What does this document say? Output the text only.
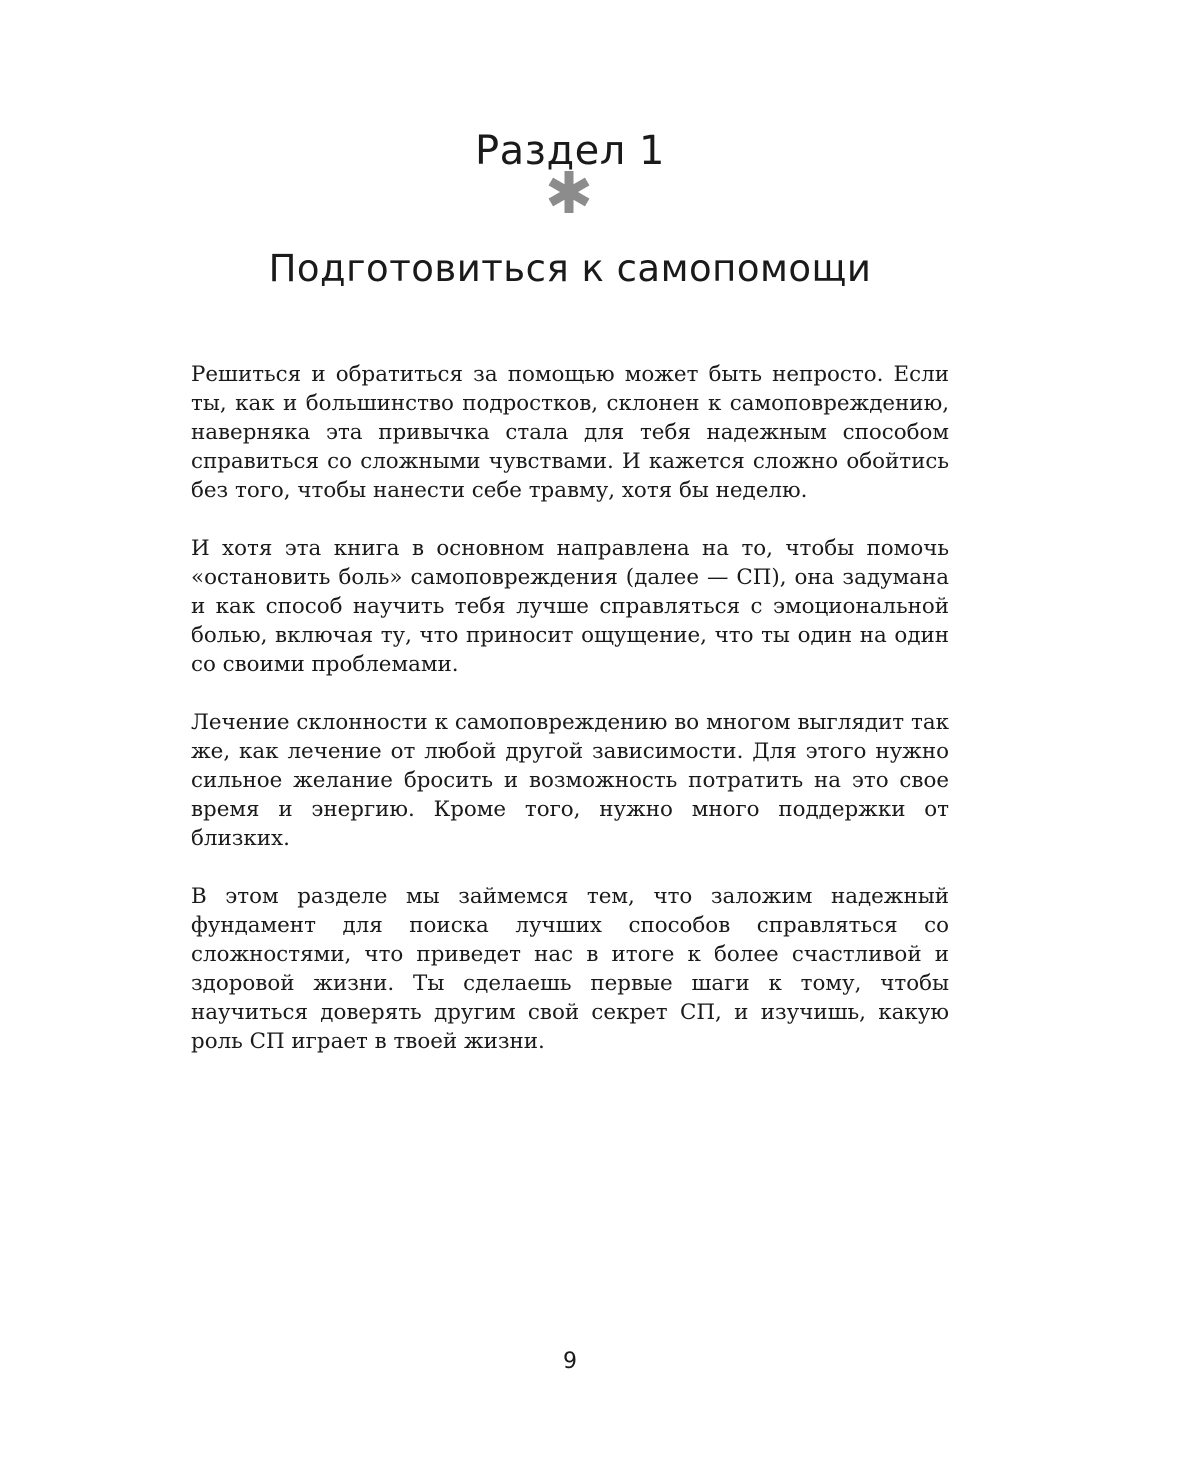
Раздел 1
Подготовиться к самопомощи

Решиться и обратиться за помощью может быть непросто. Если ты, как и большинство подростков, склонен к самоповреждению, наверняка эта привычка стала для тебя надежным способом справиться со сложными чувствами. И кажется сложно обойтись без того, чтобы нанести себе травму, хотя бы неделю.

И хотя эта книга в основном направлена на то, чтобы помочь «остановить боль» самоповреждения (далее — СП), она задумана и как способ научить тебя лучше справляться с эмоциональной болью, включая ту, что приносит ощущение, что ты один на один со своими проблемами.

Лечение склонности к самоповреждению во многом выглядит так же, как лечение от любой другой зависимости. Для этого нужно сильное желание бросить и возможность потратить на это свое время и энергию. Кроме того, нужно много поддержки от близких.

В этом разделе мы займемся тем, что заложим надежный фундамент для поиска лучших способов справляться со сложностями, что приведет нас в итоге к более счастливой и здоровой жизни. Ты сделаешь первые шаги к тому, чтобы научиться доверять другим свой секрет СП, и изучишь, какую роль СП играет в твоей жизни.

9
